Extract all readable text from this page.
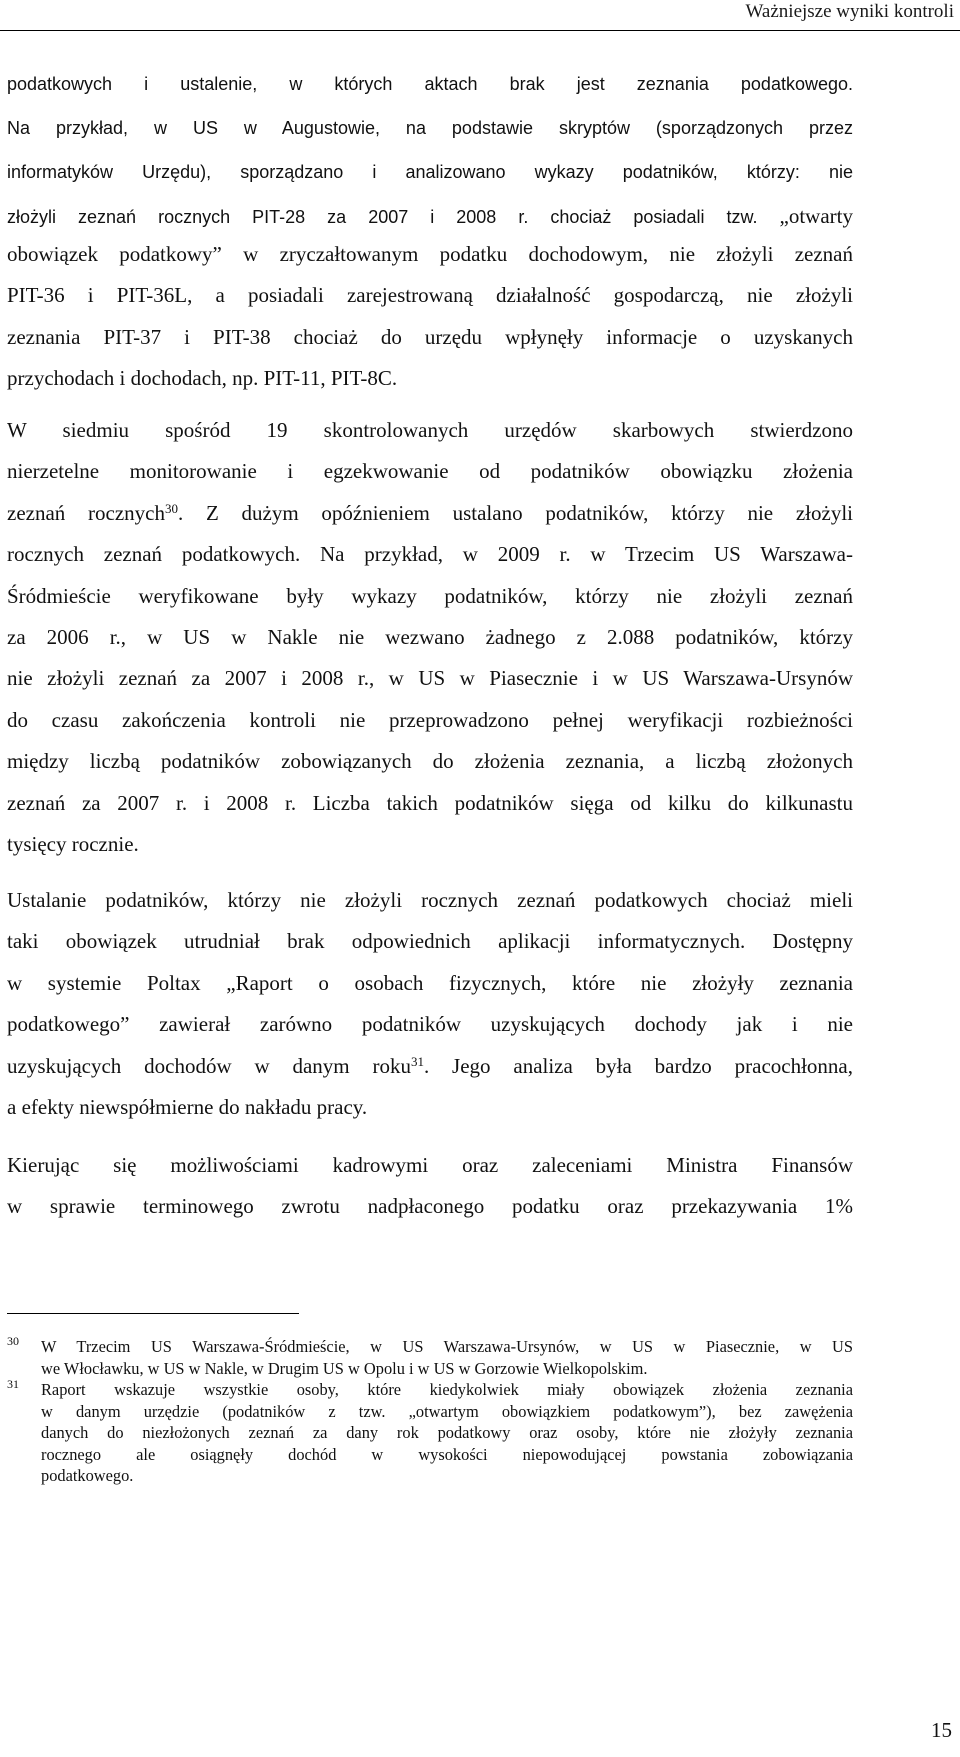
Ważniejsze wyniki kontroli
podatkowych i ustalenie, w których aktach brak jest zeznania podatkowego.
Na przykład, w US w Augustowie, na podstawie skryptów (sporządzonych przez
informatyków Urzędu), sporządzano i analizowano wykazy podatników, którzy: nie
złożyli zeznań rocznych PIT-28 za 2007 i 2008 r. chociaż posiadali tzw. „otwarty
obowiązek podatkowy” w zryczałtowanym podatku dochodowym, nie złożyli zeznań
PIT-36 i PIT-36L, a posiadali zarejestrowaną działalność gospodarczą, nie złożyli
zeznania PIT-37 i PIT-38 chociaż do urzędu wpłynęły informacje o uzyskanych
przychodach i dochodach, np. PIT-11, PIT-8C.
W siedmiu spośród 19 skontrolowanych urzędów skarbowych stwierdzono
nierzetelne monitorowanie i egzekwowanie od podatników obowiązku złożenia
zeznań rocznych$^{30}$. Z dużym opóźnieniem ustalano podatników, którzy nie złożyli
rocznych zeznań podatkowych. Na przykład, w 2009 r. w Trzecim US Warszawa-
Śródmieście weryfikowane były wykazy podatników, którzy nie złożyli zeznań
za 2006 r., w US w Nakle nie wezwano żadnego z 2.088 podatników, którzy
nie złożyli zeznań za 2007 i 2008 r., w US w Piasecznie i w US Warszawa-Ursynów
do czasu zakończenia kontroli nie przeprowadzono pełnej weryfikacji rozbieżności
między liczbą podatników zobowiązanych do złożenia zeznania, a liczbą złożonych
zeznań za 2007 r. i 2008 r. Liczba takich podatników sięga od kilku do kilkunastu
tysięcy rocznie.
Ustalanie podatników, którzy nie złożyli rocznych zeznań podatkowych chociaż mieli
taki obowiązek utrudniał brak odpowiednich aplikacji informatycznych. Dostępny
w systemie Poltax „Raport o osobach fizycznych, które nie złożyły zeznania
podatkowego” zawierał zarówno podatników uzyskujących dochody jak i nie
uzyskujących dochodów w danym roku$^{31}$. Jego analiza była bardzo pracochłonna,
a efekty niewspółmierne do nakładu pracy.
Kierując się możliwościami kadrowymi oraz zaleceniami Ministra Finansów
w sprawie terminowego zwrotu nadpłaconego podatku oraz przekazywania 1%
30 W Trzecim US Warszawa-Śródmieście, w US Warszawa-Ursynów, w US w Piasecznie, w US
we Włocławku, w US w Nakle, w Drugim US w Opolu i w US w Gorzowie Wielkopolskim.
31 Raport wskazuje wszystkie osoby, które kiedykolwiek miały obowiązek złożenia zeznania
w danym urzędzie (podatników z tzw. „otwartym obowiązkiem podatkowym”), bez zawężenia
danych do niezłożonych zeznań za dany rok podatkowy oraz osoby, które nie złożyły zeznania
rocznego ale osiągnęły dochód w wysokości niepowodującej powstania zobowiązania
podatkowego.
15
